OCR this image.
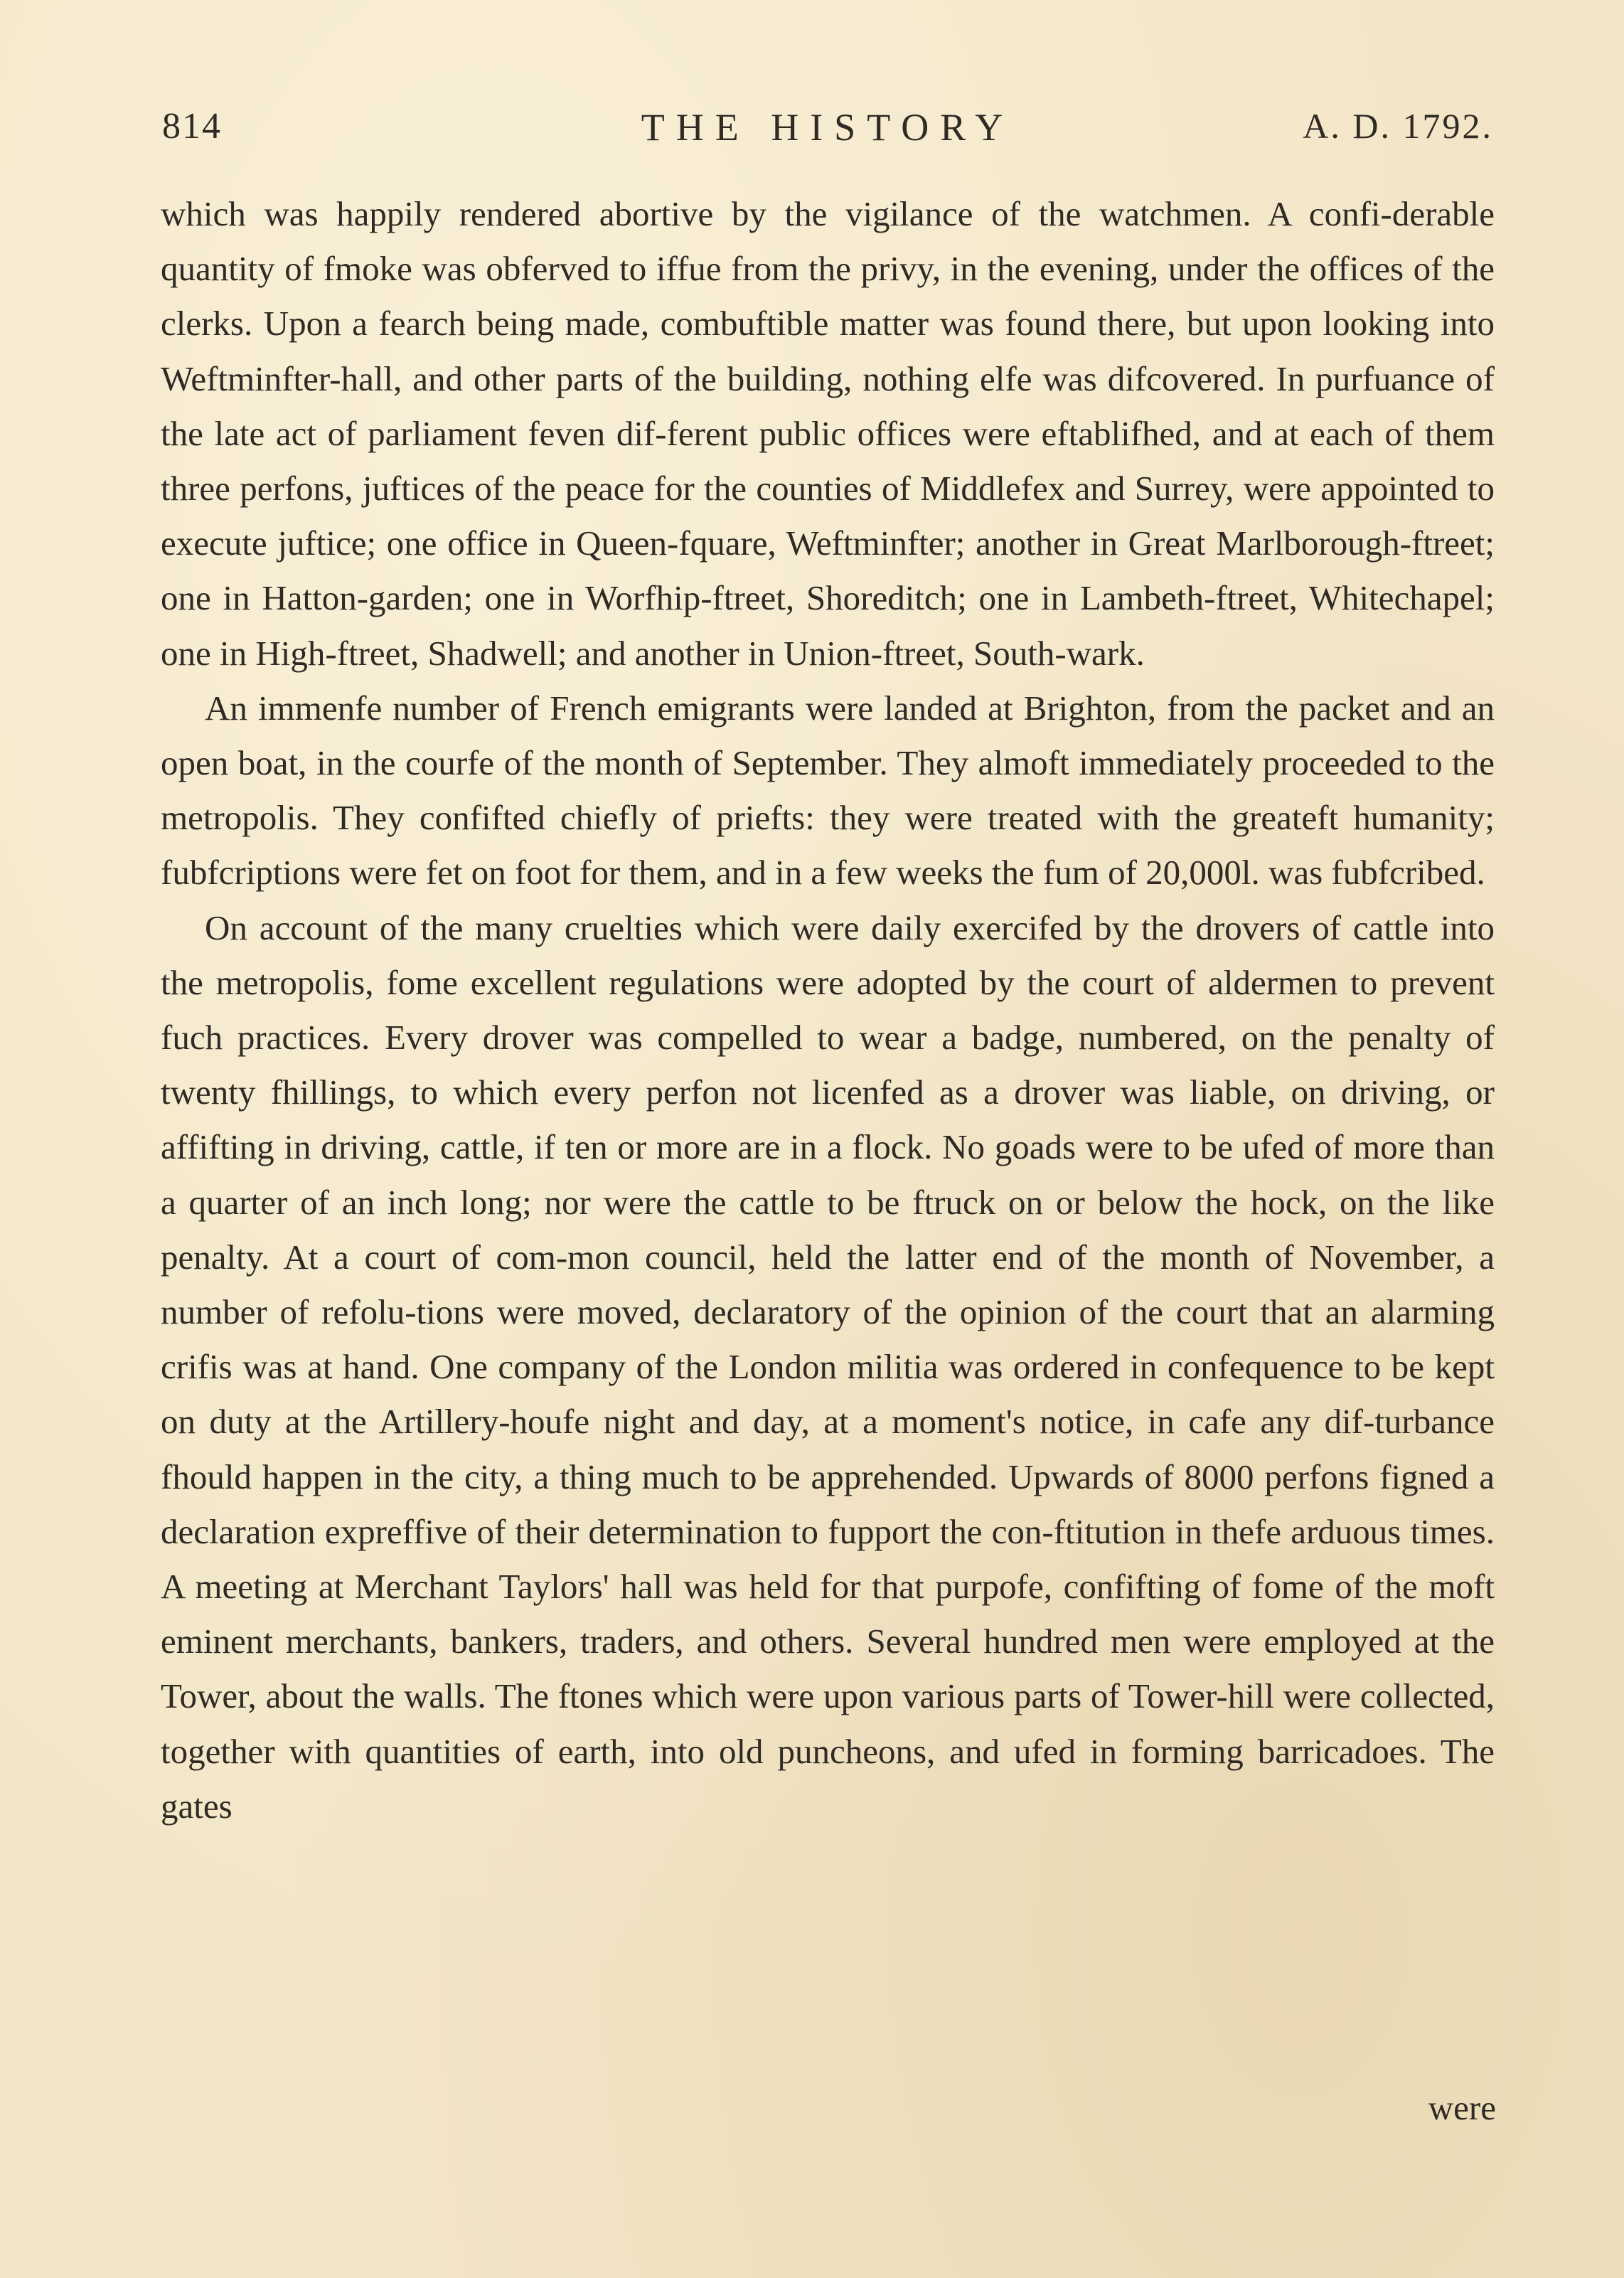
814	THE HISTORY	A. D. 1792.

which was happily rendered abortive by the vigilance of the watchmen. A confi-derable quantity of fmoke was obferved to iffue from the privy, in the evening, under the offices of the clerks. Upon a fearch being made, combuftible matter was found there, but upon looking into Weftminfter-hall, and other parts of the building, nothing elfe was difcovered. In purfuance of the late act of parliament feven dif-ferent public offices were eftablifhed, and at each of them three perfons, juftices of the peace for the counties of Middlefex and Surrey, were appointed to execute juftice; one office in Queen-fquare, Weftminfter; another in Great Marlborough-ftreet; one in Hatton-garden; one in Worfhip-ftreet, Shoreditch; one in Lambeth-ftreet, Whitechapel; one in High-ftreet, Shadwell; and another in Union-ftreet, South-wark.

An immenfe number of French emigrants were landed at Brighton, from the packet and an open boat, in the courfe of the month of September. They almoft immediately proceeded to the metropolis. They confifted chiefly of priefts: they were treated with the greateft humanity; fubfcriptions were fet on foot for them, and in a few weeks the fum of 20,000l. was fubfcribed.

On account of the many cruelties which were daily exercifed by the drovers of cattle into the metropolis, fome excellent regulations were adopted by the court of aldermen to prevent fuch practices. Every drover was compelled to wear a badge, numbered, on the penalty of twenty fhillings, to which every perfon not licenfed as a drover was liable, on driving, or affifting in driving, cattle, if ten or more are in a flock. No goads were to be ufed of more than a quarter of an inch long; nor were the cattle to be ftruck on or below the hock, on the like penalty. At a court of com-mon council, held the latter end of the month of November, a number of refolu-tions were moved, declaratory of the opinion of the court that an alarming crifis was at hand. One company of the London militia was ordered in confequence to be kept on duty at the Artillery-houfe night and day, at a moment's notice, in cafe any dif-turbance fhould happen in the city, a thing much to be apprehended. Upwards of 8000 perfons figned a declaration expreffive of their determination to fupport the con-ftitution in thefe arduous times. A meeting at Merchant Taylors' hall was held for that purpofe, confifting of fome of the moft eminent merchants, bankers, traders, and others. Several hundred men were employed at the Tower, about the walls. The ftones which were upon various parts of Tower-hill were collected, together with quantities of earth, into old puncheons, and ufed in forming barricadoes. The gates

were
